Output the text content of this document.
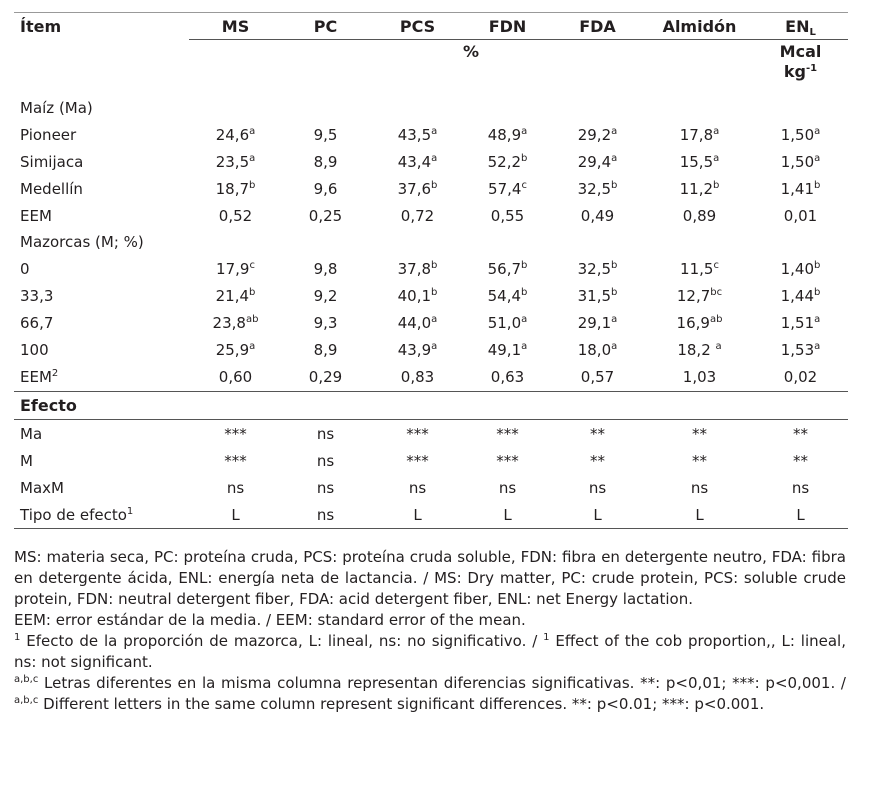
Ítem	MS	PC	PCS	FDN	FDA	Almidón	$EN_L$
	%						Mcal
$kg^{-1}$
Maíz (Ma)							
Pioneer	24,6$^a$	9,5	43,5$^a$	48,9$^a$	29,2$^a$	17,8$^a$	1,50$^a$
Simijaca	23,5$^a$	8,9	43,4$^a$	52,2$^b$	29,4$^a$	15,5$^a$	1,50$^a$
Medellín	18,7$^b$	9,6	37,6$^b$	57,4$^c$	32,5$^b$	11,2$^b$	1,41$^b$
EEM	0,52	0,25	0,72	0,55	0,49	0,89	0,01
Mazorcas (M; %)							
0	17,9$^c$	9,8	37,8$^b$	56,7$^b$	32,5$^b$	11,5$^c$	1,40$^b$
33,3	21,4$^b$	9,2	40,1$^b$	54,4$^b$	31,5$^b$	12,7$^{bc}$	1,44$^b$
66,7	23,8$^{ab}$	9,3	44,0$^a$	51,0$^a$	29,1$^a$	16,9$^{ab}$	1,51$^a$
100	25,9$^a$	8,9	43,9$^a$	49,1$^a$	18,0$^a$	18,2 $^a$	1,53$^a$
EEM$^2$	0,60	0,29	0,83	0,63	0,57	1,03	0,02
Efecto							
Ma	***	ns	***	***	**	**	**
M	***	ns	***	***	**	**	**
MaxM	ns	ns	ns	ns	ns	ns	ns
Tipo de efecto$^1$	L	ns	L	L	L	L	L

MS: materia seca, PC: proteína cruda, PCS: proteína cruda soluble, FDN: fibra en detergente neutro, FDA: fibra en detergente ácida, ENL: energía neta de lactancia. / MS: Dry matter, PC: crude protein, PCS: soluble crude protein, FDN: neutral detergent fiber, FDA: acid detergent fiber, ENL: net Energy lactation.

EEM: error estándar de la media. / EEM: standard error of the mean.

$^1$ Efecto de la proporción de mazorca, L: lineal, ns: no significativo. / $^1$ Effect of the cob proportion,, L: lineal, ns: not significant.

$^{a,b,c}$ Letras diferentes en la misma columna representan diferencias significativas. **: p<0,01; ***: p<0,001. / $^{a,b,c}$ Different letters in the same column represent significant differences. **: p<0.01; ***: p<0.001.
